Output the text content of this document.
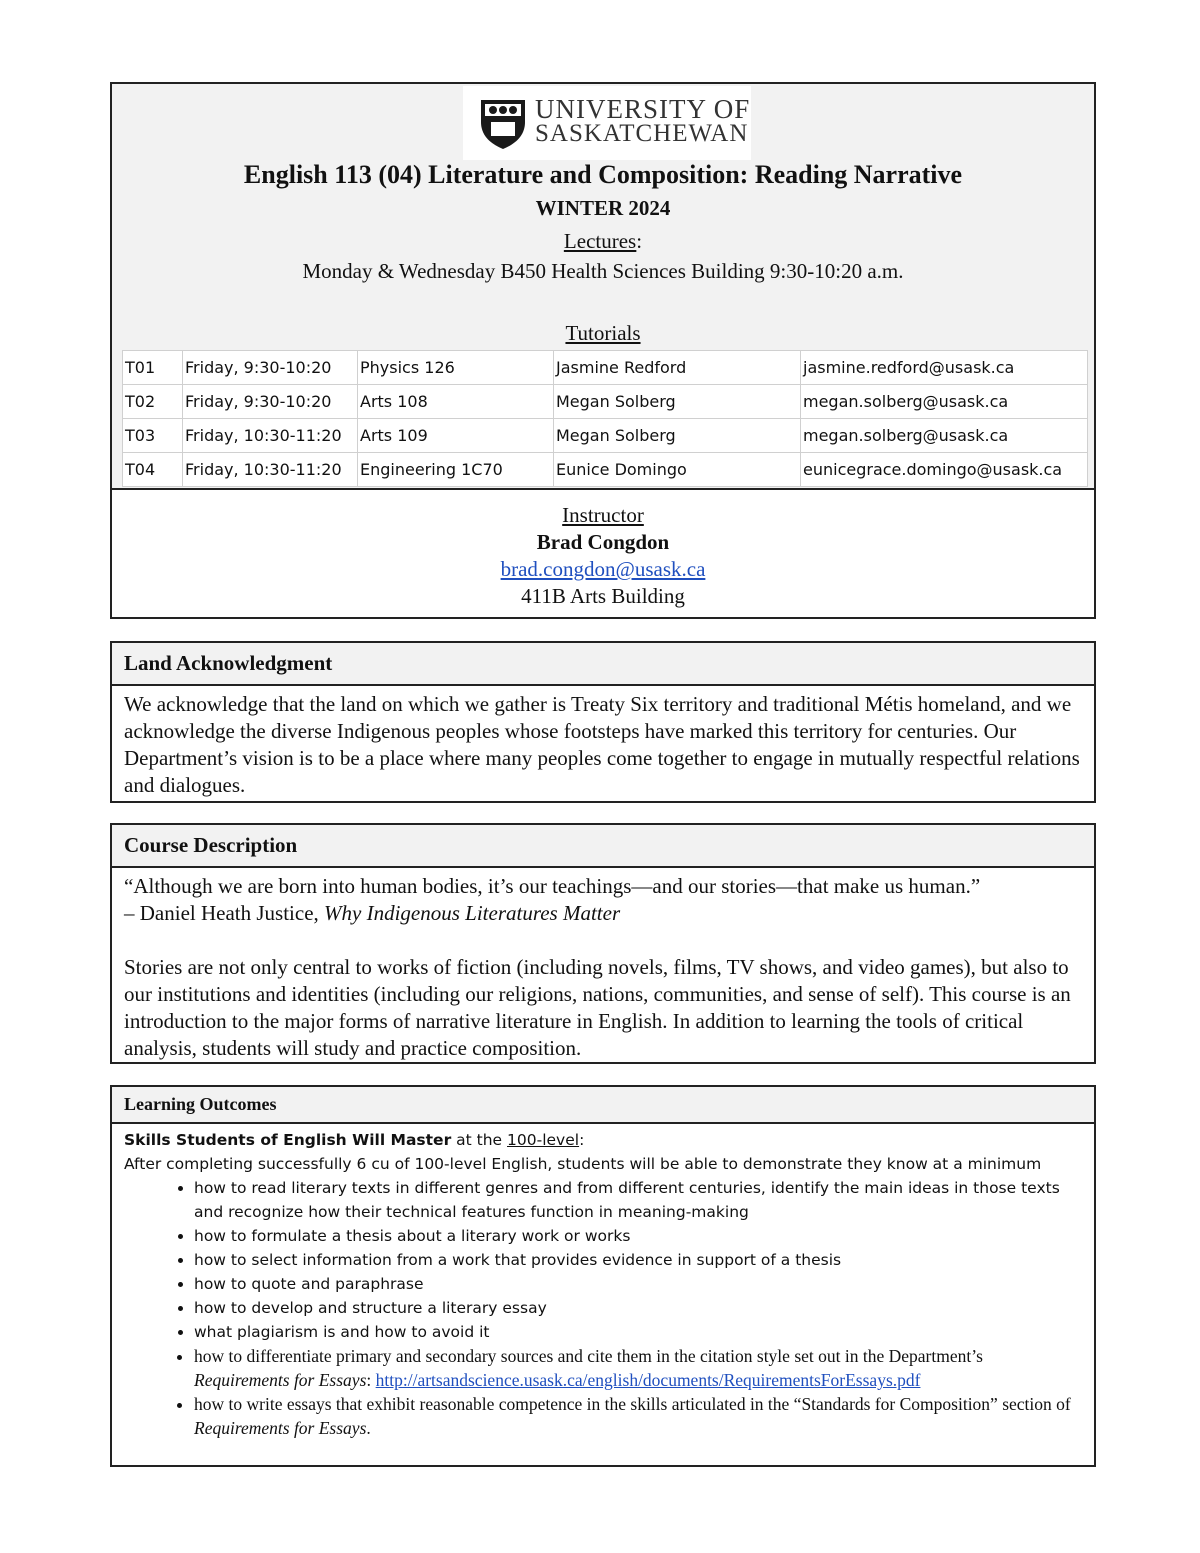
UNIVERSITY OF
SASKATCHEWAN
English 113 (04) Literature and Composition: Reading Narrative
WINTER 2024
Lectures:
Monday & Wednesday B450 Health Sciences Building 9:30-10:20 a.m.
Tutorials
T01	Friday, 9:30-10:20	Physics 126	Jasmine Redford	jasmine.redford@usask.ca
T02	Friday, 9:30-10:20	Arts 108	Megan Solberg	megan.solberg@usask.ca
T03	Friday, 10:30-11:20	Arts 109	Megan Solberg	megan.solberg@usask.ca
T04	Friday, 10:30-11:20	Engineering 1C70	Eunice Domingo	eunicegrace.domingo@usask.ca
Instructor
Brad Congdon
brad.congdon@usask.ca
411B Arts Building
Land Acknowledgment
We acknowledge that the land on which we gather is Treaty Six territory and traditional Métis homeland, and we acknowledge the diverse Indigenous peoples whose footsteps have marked this territory for centuries. Our Department’s vision is to be a place where many peoples come together to engage in mutually respectful relations and dialogues.
Course Description
“Although we are born into human bodies, it’s our teachings—and our stories—that make us human.”
– Daniel Heath Justice, Why Indigenous Literatures Matter
Stories are not only central to works of fiction (including novels, films, TV shows, and video games), but also to our institutions and identities (including our religions, nations, communities, and sense of self). This course is an introduction to the major forms of narrative literature in English. In addition to learning the tools of critical analysis, students will study and practice composition.
Learning Outcomes
Skills Students of English Will Master at the 100-level:
After completing successfully 6 cu of 100-level English, students will be able to demonstrate they know at a minimum
• how to read literary texts in different genres and from different centuries, identify the main ideas in those texts and recognize how their technical features function in meaning-making
• how to formulate a thesis about a literary work or works
• how to select information from a work that provides evidence in support of a thesis
• how to quote and paraphrase
• how to develop and structure a literary essay
• what plagiarism is and how to avoid it
• how to differentiate primary and secondary sources and cite them in the citation style set out in the Department’s Requirements for Essays: http://artsandscience.usask.ca/english/documents/RequirementsForEssays.pdf
• how to write essays that exhibit reasonable competence in the skills articulated in the “Standards for Composition” section of Requirements for Essays.
